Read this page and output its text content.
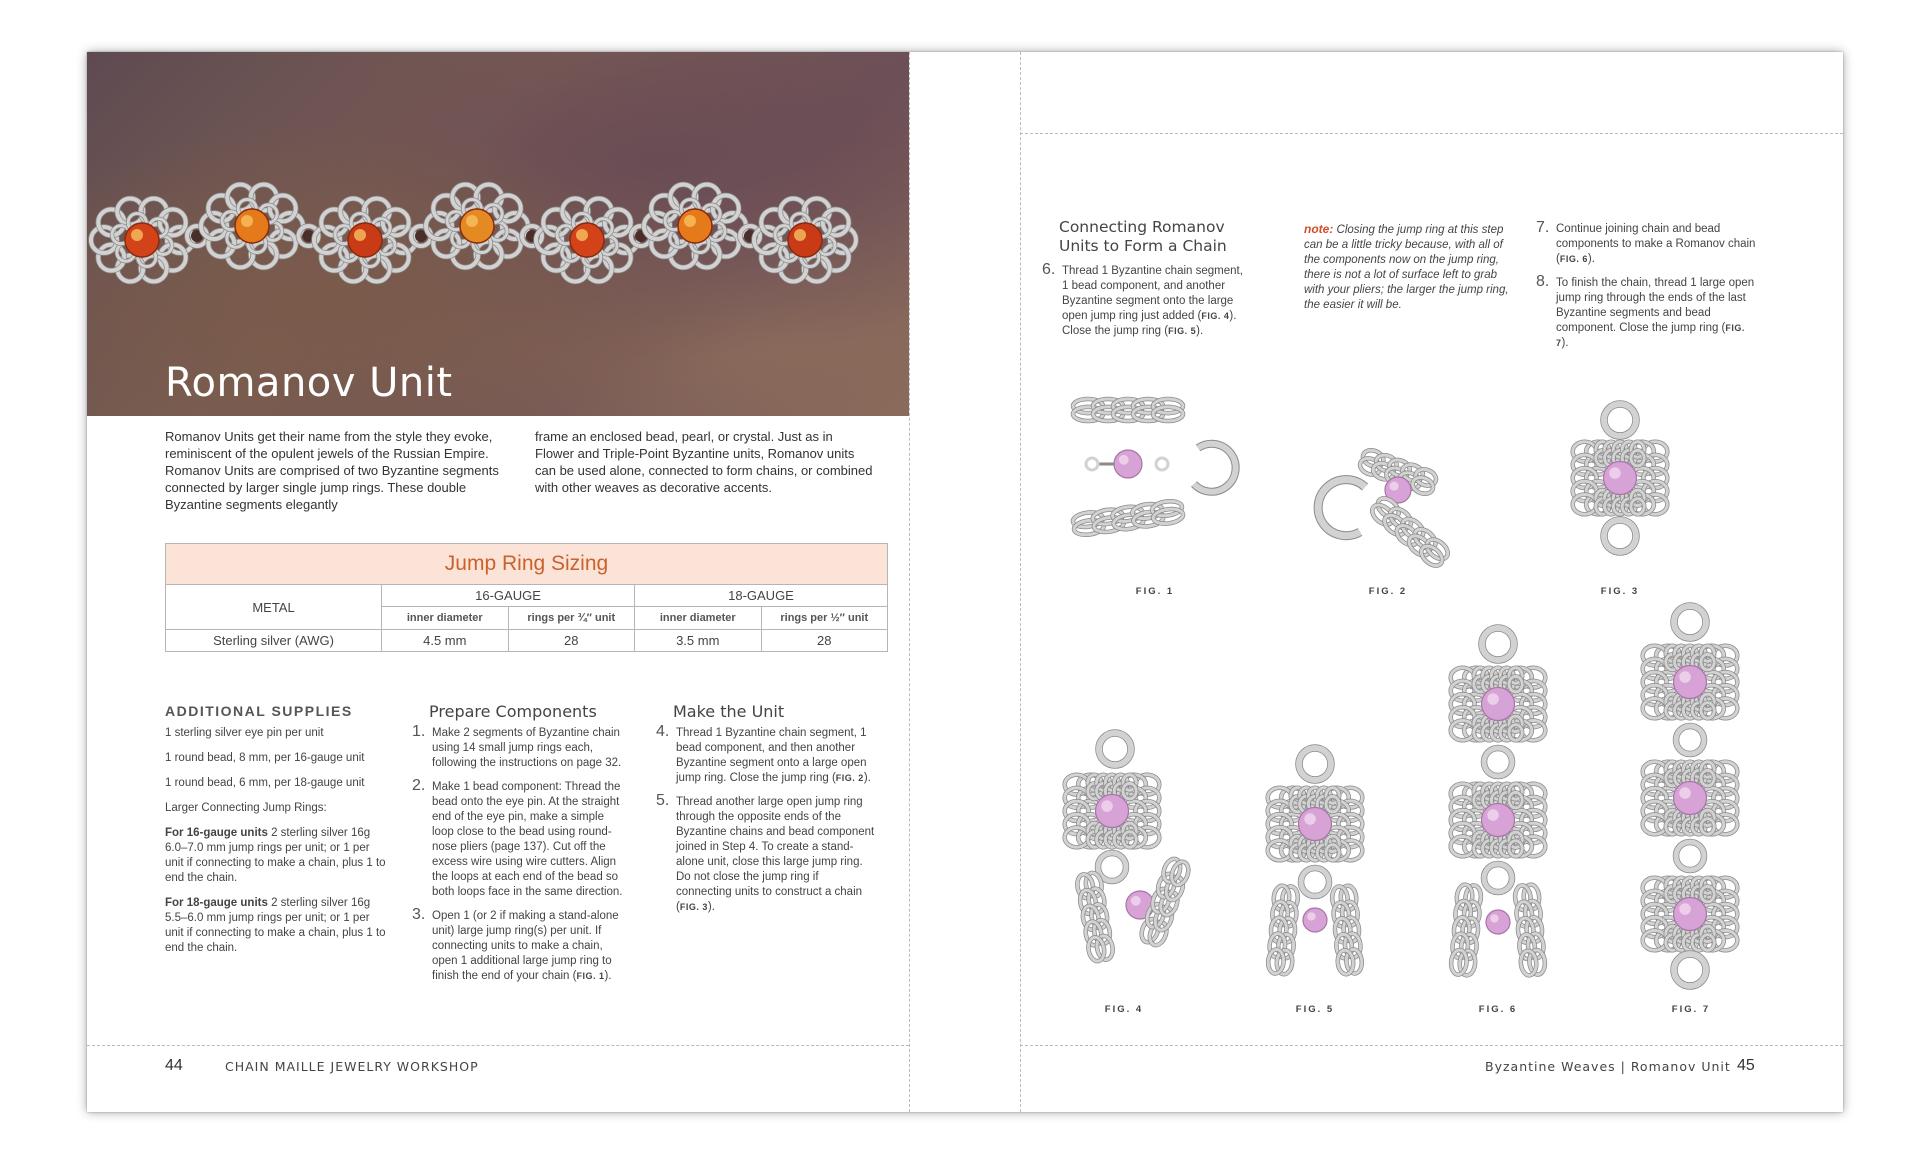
Romanov Unit

Romanov Units get their name from the style they evoke, reminiscent of the opulent jewels of the Russian Empire. Romanov Units are comprised of two Byzantine segments connected by larger single jump rings. These double Byzantine segments elegantly

frame an enclosed bead, pearl, or crystal. Just as in Flower and Triple-Point Byzantine units, Romanov units can be used alone, connected to form chains, or combined with other weaves as decorative accents.

Jump Ring Sizing				
METAL	16-GAUGE		18-GAUGE	
	inner diameter	rings per ¾″ unit	inner diameter	rings per ½″ unit
Sterling silver (AWG)	4.5 mm	28	3.5 mm	28
ADDITIONAL SUPPLIES
1 sterling silver eye pin per unit
1 round bead, 8 mm, per 16-gauge unit
1 round bead, 6 mm, per 18-gauge unit
Larger Connecting Jump Rings:
For 16-gauge units 2 sterling silver 16g 6.0–7.0 mm jump rings per unit; or 1 per unit if connecting to make a chain, plus 1 to end the chain.
For 18-gauge units 2 sterling silver 16g 5.5–6.0 mm jump rings per unit; or 1 per unit if connecting to make a chain, plus 1 to end the chain.
Prepare Components
1. Make 2 segments of Byzantine chain using 14 small jump rings each, following the instructions on page 32.
2. Make 1 bead component: Thread the bead onto the eye pin. At the straight end of the eye pin, make a simple loop close to the bead using round-nose pliers (page 137). Cut off the excess wire using wire cutters. Align the loops at each end of the bead so both loops face in the same direction.
3. Open 1 (or 2 if making a stand-alone unit) large jump ring(s) per unit. If connecting units to make a chain, open 1 additional large jump ring to finish the end of your chain (FIG. 1).
Make the Unit
4. Thread 1 Byzantine chain segment, 1 bead component, and then another Byzantine segment onto a large open jump ring. Close the jump ring (FIG. 2).
5. Thread another large open jump ring through the opposite ends of the Byzantine chains and bead component joined in Step 4. To create a stand-alone unit, close this large jump ring. Do not close the jump ring if connecting units to construct a chain (FIG. 3).
44	CHAIN MAILLE JEWELRY WORKSHOP
Connecting Romanov
Units to Form a Chain
6. Thread 1 Byzantine chain segment, 1 bead component, and another Byzantine segment onto the large open jump ring just added (FIG. 4). Close the jump ring (FIG. 5).
note: Closing the jump ring at this step can be a little tricky because, with all of the components now on the jump ring, there is not a lot of surface left to grab with your pliers; the larger the jump ring, the easier it will be.
7. Continue joining chain and bead components to make a Romanov chain (FIG. 6).
8. To finish the chain, thread 1 large open jump ring through the ends of the last Byzantine segments and bead component. Close the jump ring (FIG. 7).
FIG. 1	FIG. 2	FIG. 3
FIG. 4	FIG. 5	FIG. 6	FIG. 7
Byzantine Weaves | Romanov Unit 45
